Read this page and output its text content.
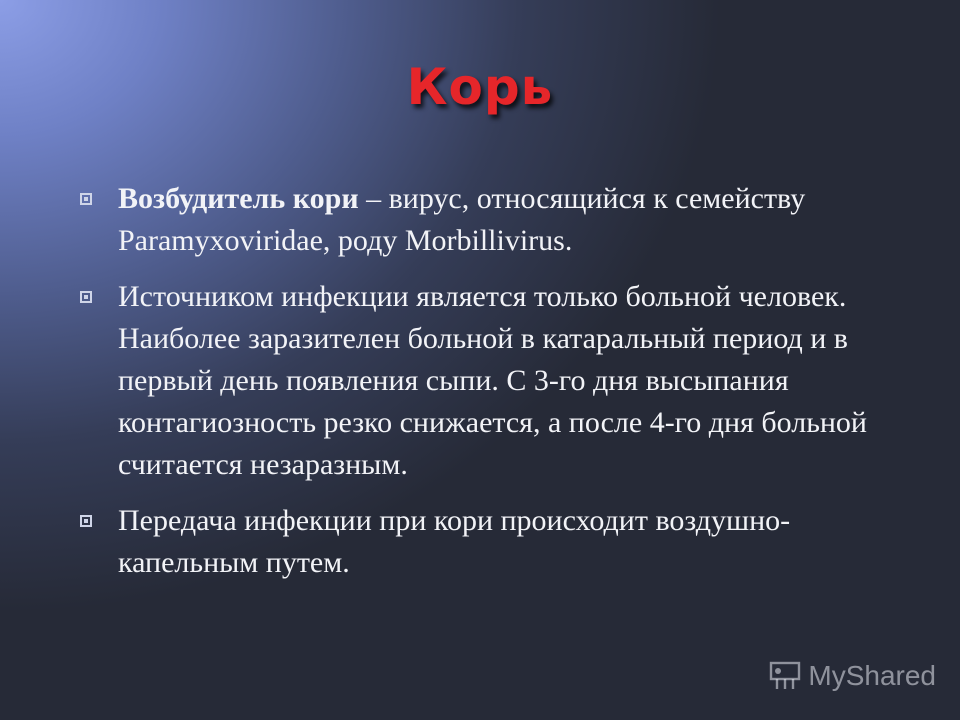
Корь
Возбудитель кори – вирус, относящийся к семейству Paramyxoviridae, роду Morbillivirus.
Источником инфекции является только больной человек. Наиболее заразителен больной в катаральный период и в первый день появления сыпи. С 3-го дня высыпания контагиозность резко снижается, а после 4-го дня больной считается незаразным.
Передача инфекции при кори происходит воздушно-капельным путем.
MyShared
